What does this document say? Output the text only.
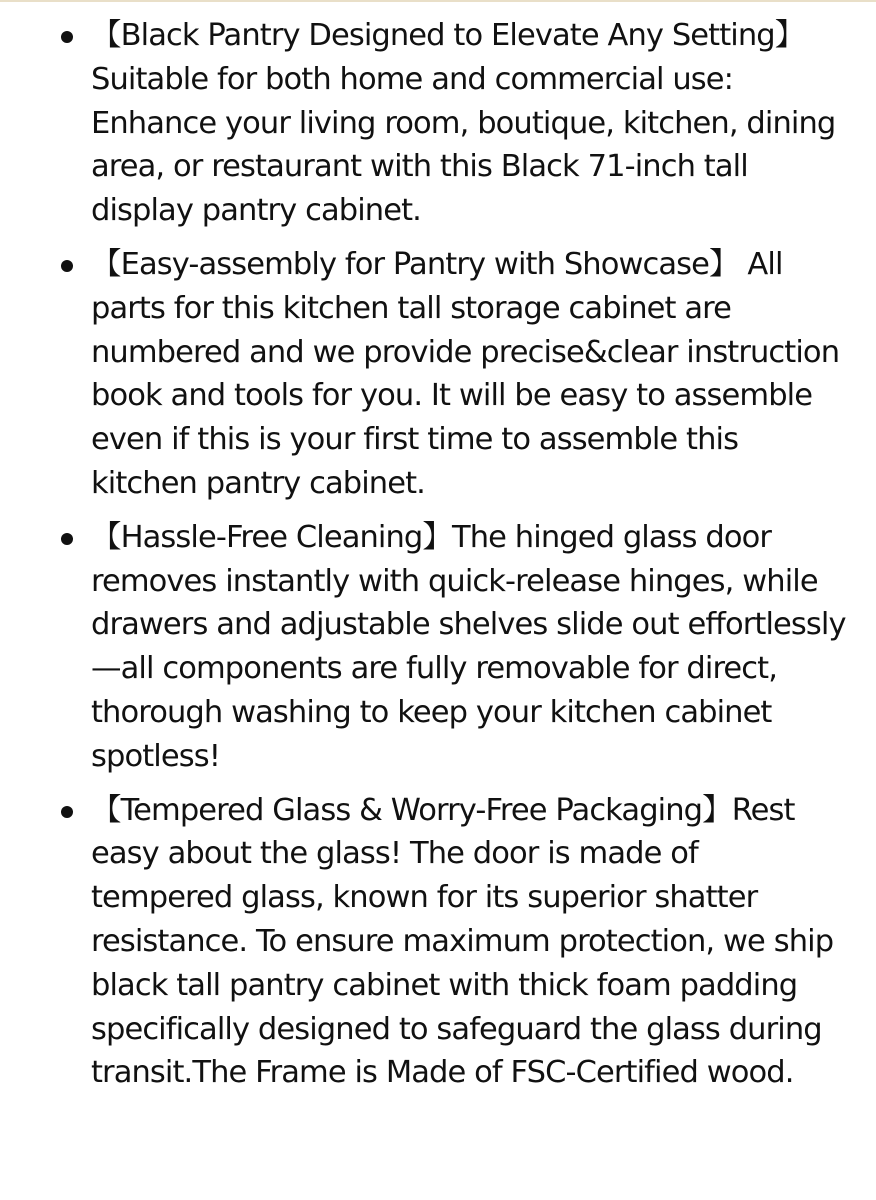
【Black Pantry Designed to Elevate Any Setting】Suitable for both home and commercial use: Enhance your living room, boutique, kitchen, dining area, or restaurant with this Black 71-inch tall display pantry cabinet.
【Easy-assembly for Pantry with Showcase】 All parts for this kitchen tall storage cabinet are numbered and we provide precise&clear instruction book and tools for you. It will be easy to assemble even if this is your first time to assemble this kitchen pantry cabinet.
【Hassle-Free Cleaning】The hinged glass door removes instantly with quick-release hinges, while drawers and adjustable shelves slide out effortlessly—all components are fully removable for direct, thorough washing to keep your kitchen cabinet spotless!
【Tempered Glass & Worry-Free Packaging】Rest easy about the glass! The door is made of tempered glass, known for its superior shatter resistance. To ensure maximum protection, we ship black tall pantry cabinet with thick foam padding specifically designed to safeguard the glass during transit.The Frame is Made of FSC-Certified wood.
